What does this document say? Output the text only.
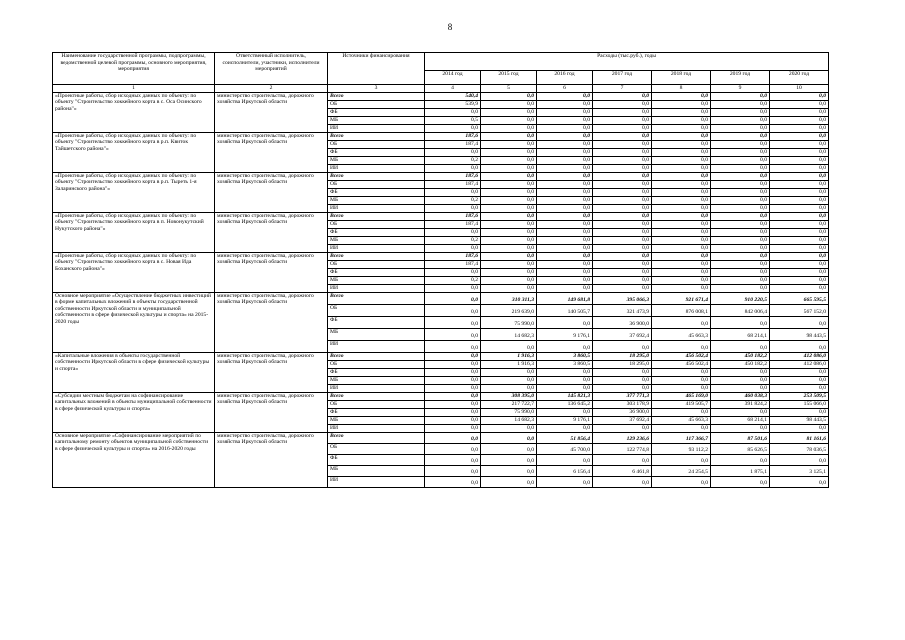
8
Наименование государственной программы, подпрограммы, ведомственной целевой программы, основного мероприятия, мероприятия	Ответственный исполнитель, соисполнители, участники, исполнители мероприятий	Источники финансирования	Расходы (тыс.руб.), годы						
			2014 год	2015 год	2016 год	2017 год	2018 год	2019 год	2020 год
1	2	3	4	5	6	7	8	9	10
«Проектные работы, сбор исходных данных по объекту: по объекту "Строительство хоккейного корта в с. Оса Осинского района"»	министерство строительства, дорожного хозяйства Иркутской области	Всего	540,4	0,0	0,0	0,0	0,0	0,0	0,0
		ОБ	539,9	0,0	0,0	0,0	0,0	0,0	0,0
		ФБ	0,0	0,0	0,0	0,0	0,0	0,0	0,0
		МБ	0,5	0,0	0,0	0,0	0,0	0,0	0,0
		ИИ	0,0	0,0	0,0	0,0	0,0	0,0	0,0
«Проектные работы, сбор исходных данных по объекту: по объекту "Строительство хоккейного корта в р.п. Квиток Тайшетского района"»	министерство строительства, дорожного хозяйства Иркутской области	Всего	187,6	0,0	0,0	0,0	0,0	0,0	0,0
		ОБ	187,4	0,0	0,0	0,0	0,0	0,0	0,0
		ФБ	0,0	0,0	0,0	0,0	0,0	0,0	0,0
		МБ	0,2	0,0	0,0	0,0	0,0	0,0	0,0
		ИИ	0,0	0,0	0,0	0,0	0,0	0,0	0,0
«Проектные работы, сбор исходных данных по объекту: по объекту "Строительство хоккейного корта в р.п. Тыреть 1-я Заларинского района"»	министерство строительства, дорожного хозяйства Иркутской области	Всего	187,6	0,0	0,0	0,0	0,0	0,0	0,0
		ОБ	187,4	0,0	0,0	0,0	0,0	0,0	0,0
		ФБ	0,0	0,0	0,0	0,0	0,0	0,0	0,0
		МБ	0,2	0,0	0,0	0,0	0,0	0,0	0,0
		ИИ	0,0	0,0	0,0	0,0	0,0	0,0	0,0
«Проектные работы, сбор исходных данных по объекту: по объекту "Строительство хоккейного корта в п. Новонукутский Нукутского района"»	министерство строительства, дорожного хозяйства Иркутской области	Всего	187,6	0,0	0,0	0,0	0,0	0,0	0,0
		ОБ	187,4	0,0	0,0	0,0	0,0	0,0	0,0
		ФБ	0,0	0,0	0,0	0,0	0,0	0,0	0,0
		МБ	0,2	0,0	0,0	0,0	0,0	0,0	0,0
		ИИ	0,0	0,0	0,0	0,0	0,0	0,0	0,0
«Проектные работы, сбор исходных данных по объекту: по объекту "Строительство хоккейного корта в с. Новая Ида Боханского района"»	министерство строительства, дорожного хозяйства Иркутской области	Всего	187,6	0,0	0,0	0,0	0,0	0,0	0,0
		ОБ	187,4	0,0	0,0	0,0	0,0	0,0	0,0
		ФБ	0,0	0,0	0,0	0,0	0,0	0,0	0,0
		МБ	0,2	0,0	0,0	0,0	0,0	0,0	0,0
		ИИ	0,0	0,0	0,0	0,0	0,0	0,0	0,0
Основное мероприятие «Осуществление бюджетных инвестиций в форме капитальных вложений в объекты государственной собственности Иркутской области и муниципальной собственности в сфере физической культуры и спорта» на 2015-2020 годы	министерство строительства, дорожного хозяйства Иркутской области	Всего	0,0	310 311,3	149 681,8	395 066,3	921 671,4	910 220,5	665 595,5
		ОБ	0,0	219 639,0	140 505,7	321 473,9	876 008,1	842 006,4	567 152,0
		ФБ	0,0	75 990,0	0,0	36 900,0	0,0	0,0	0,0
		МБ	0,0	14 682,3	9 176,1	37 692,4	45 663,3	68 214,1	98 443,5
		ИИ	0,0	0,0	0,0	0,0	0,0	0,0	0,0
«Капитальные вложения в объекты государственной собственности Иркутской области в сфере физической культуры и спорта»	министерство строительства, дорожного хозяйства Иркутской области	Всего	0,0	1 916,3	3 860,5	18 295,0	456 502,4	450 182,2	412 086,0
		ОБ	0,0	1 916,3	3 860,5	18 295,0	456 502,4	450 182,2	412 086,0
		ФБ	0,0	0,0	0,0	0,0	0,0	0,0	0,0
		МБ	0,0	0,0	0,0	0,0	0,0	0,0	0,0
		ИИ	0,0	0,0	0,0	0,0	0,0	0,0	0,0
«Субсидии местным бюджетам на софинансирование капитальных вложений в объекты муниципальной собственности в сфере физической культуры и спорта»	министерство строительства, дорожного хозяйства Иркутской области	Всего	0,0	308 395,0	145 821,3	377 771,3	465 169,0	460 038,3	253 509,5
		ОБ	0,0	217 722,7	136 645,2	303 178,9	419 505,7	391 824,2	155 066,0
		ФБ	0,0	75 990,0	0,0	36 900,0	0,0	0,0	0,0
		МБ	0,0	14 682,3	9 176,1	37 692,4	45 663,3	68 214,1	98 443,5
		ИИ	0,0	0,0	0,0	0,0	0,0	0,0	0,0
Основное мероприятие «Софинансирование мероприятий по капитальному ремонту объектов муниципальной собственности в сфере физической культуры и спорта» на 2016-2020 годы	министерство строительства, дорожного хозяйства Иркутской области	Всего	0,0	0,0	51 856,4	129 236,6	117 366,7	87 501,6	81 161,6
		ОБ	0,0	0,0	45 700,0	122 774,8	93 112,2	85 626,5	78 036,5
		ФБ	0,0	0,0	0,0	0,0	0,0	0,0	0,0
		МБ	0,0	0,0	6 156,4	6 461,8	24 254,5	1 875,1	3 125,1
		ИИ	0,0	0,0	0,0	0,0	0,0	0,0	0,0
